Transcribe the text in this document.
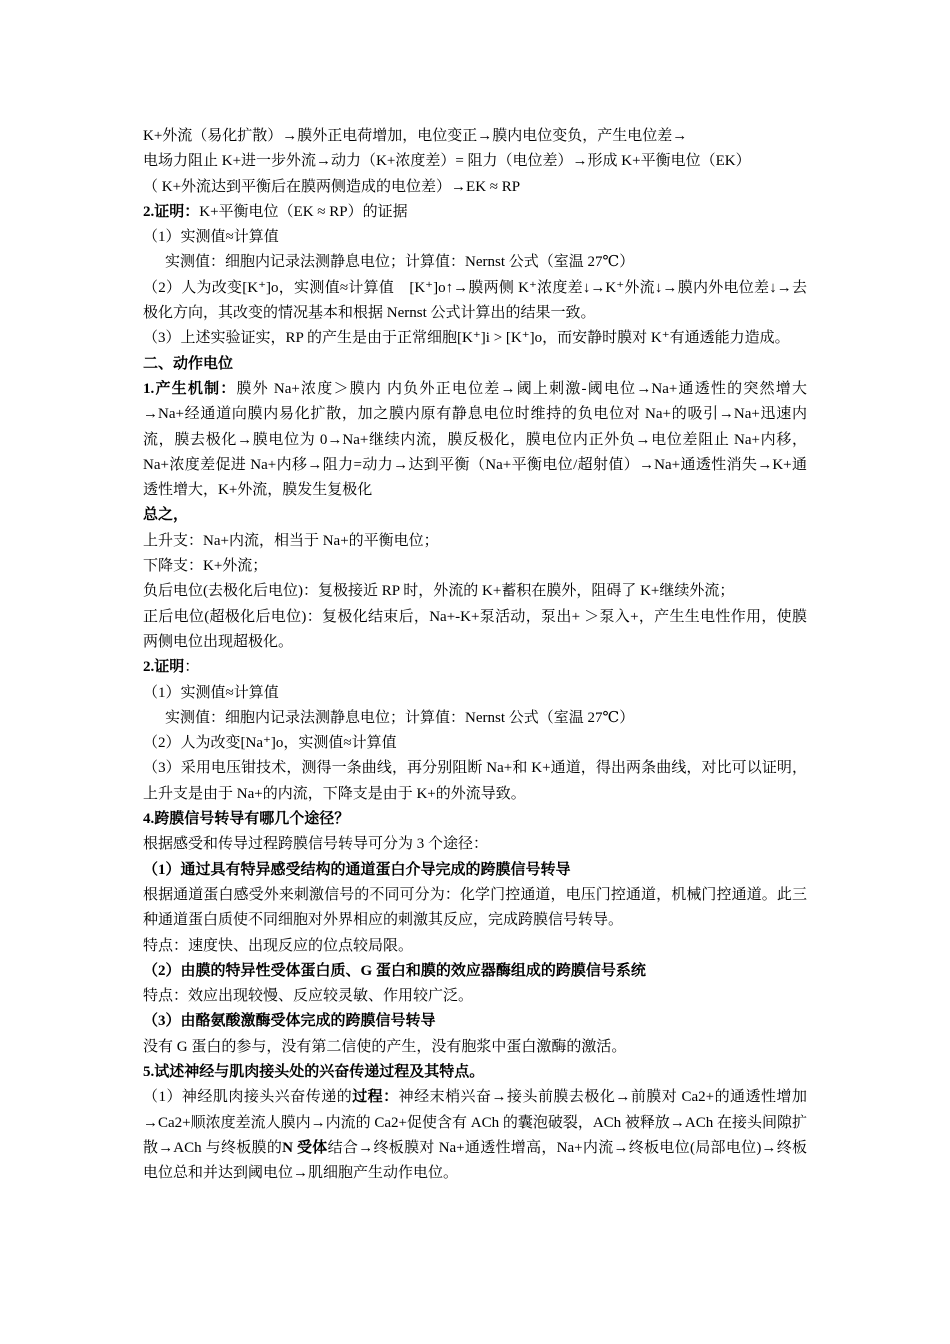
K+外流（易化扩散）→膜外正电荷增加，电位变正→膜内电位变负，产生电位差→

电场力阻止 K+进一步外流→动力（K+浓度差）= 阻力（电位差）→形成 K+平衡电位（EK）

（ K+外流达到平衡后在膜两侧造成的电位差）→EK ≈ RP

2.证明：K+平衡电位（EK ≈ RP）的证据

（1）实测值≈计算值

实测值：细胞内记录法测静息电位；计算值：Nernst 公式（室温 27℃）

（2）人为改变[K⁺]o，实测值≈计算值　[K⁺]o↑→膜两侧 K⁺浓度差↓→K⁺外流↓→膜内外电位差↓→去极化方向，其改变的情况基本和根据 Nernst 公式计算出的结果一致。

（3）上述实验证实，RP 的产生是由于正常细胞[K⁺]i > [K⁺]o，而安静时膜对 K⁺有通透能力造成。

二、动作电位

1.产生机制：膜外 Na+浓度＞膜内 内负外正电位差→阈上刺激-阈电位→Na+通透性的突然增大→Na+经通道向膜内易化扩散，加之膜内原有静息电位时维持的负电位对 Na+的吸引→Na+迅速内流，膜去极化→膜电位为 0→Na+继续内流，膜反极化，膜电位内正外负→电位差阻止 Na+内移，Na+浓度差促进 Na+内移→阻力=动力→达到平衡（Na+平衡电位/超射值）→Na+通透性消失→K+通透性增大，K+外流，膜发生复极化

总之，

上升支：Na+内流，相当于 Na+的平衡电位；

下降支：K+外流；

负后电位(去极化后电位)：复极接近 RP 时，外流的 K+蓄积在膜外，阻碍了 K+继续外流；

正后电位(超极化后电位)：复极化结束后，Na+-K+泵活动，泵出+ ＞泵入+，产生生电性作用，使膜两侧电位出现超极化。

2.证明：

（1）实测值≈计算值

实测值：细胞内记录法测静息电位；计算值：Nernst 公式（室温 27℃）

（2）人为改变[Na⁺]o，实测值≈计算值

（3）采用电压钳技术，测得一条曲线，再分别阻断 Na+和 K+通道，得出两条曲线，对比可以证明，上升支是由于 Na+的内流，下降支是由于 K+的外流导致。

4.跨膜信号转导有哪几个途径？

根据感受和传导过程跨膜信号转导可分为 3 个途径：

（1）通过具有特异感受结构的通道蛋白介导完成的跨膜信号转导

根据通道蛋白感受外来刺激信号的不同可分为：化学门控通道，电压门控通道，机械门控通道。此三种通道蛋白质使不同细胞对外界相应的刺激其反应，完成跨膜信号转导。

特点：速度快、出现反应的位点较局限。

（2）由膜的特异性受体蛋白质、G 蛋白和膜的效应器酶组成的跨膜信号系统

特点：效应出现较慢、反应较灵敏、作用较广泛。

（3）由酪氨酸激酶受体完成的跨膜信号转导

没有 G 蛋白的参与，没有第二信使的产生，没有胞浆中蛋白激酶的激活。

5.试述神经与肌肉接头处的兴奋传递过程及其特点。

（1）神经肌肉接头兴奋传递的过程：神经末梢兴奋→接头前膜去极化→前膜对 Ca2+的通透性增加→Ca2+顺浓度差流人膜内→内流的 Ca2+促使含有 ACh 的囊泡破裂，ACh 被释放→ACh 在接头间隙扩散→ACh 与终板膜的N 受体结合→终板膜对 Na+通透性增高，Na+内流→终板电位(局部电位)→终板电位总和并达到阈电位→肌细胞产生动作电位。
